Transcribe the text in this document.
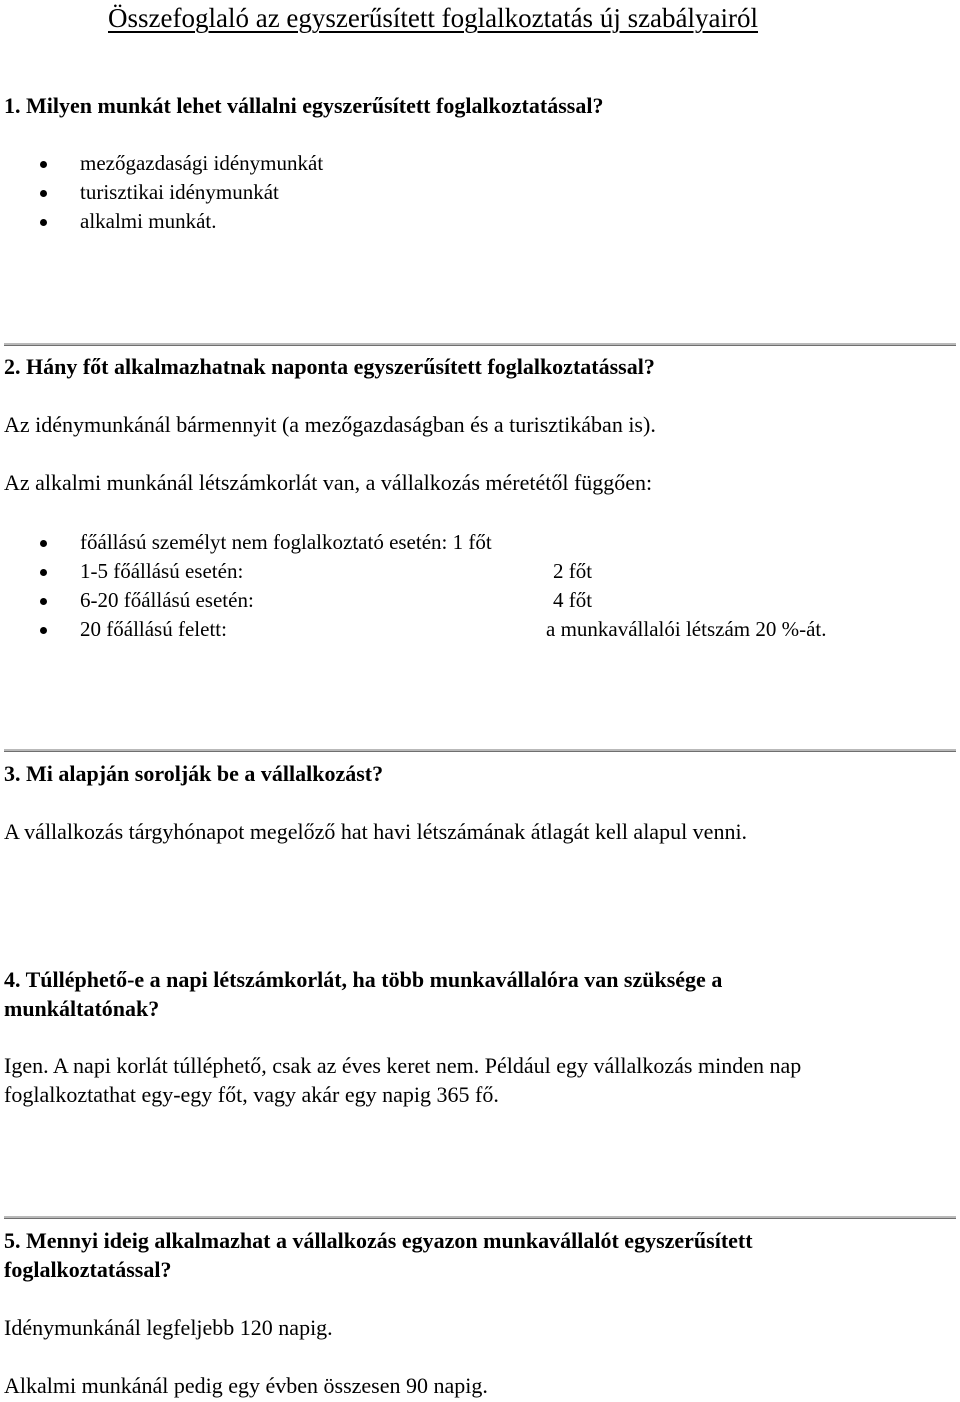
Összefoglaló az egyszerűsített foglalkoztatás új szabályairól
1. Milyen munkát lehet vállalni egyszerűsített foglalkoztatással?
mezőgazdasági idénymunkát
turisztikai idénymunkát
alkalmi munkát.
2. Hány főt alkalmazhatnak naponta egyszerűsített foglalkoztatással?
Az idénymunkánál bármennyit (a mezőgazdaságban és a turisztikában is).
Az alkalmi munkánál létszámkorlát van, a vállalkozás méretétől függően:
főállású személyt nem foglalkoztató esetén: 1 főt
1-5 főállású esetén:	2 főt
6-20 főállású esetén:	4 főt
20 főállású felett:	a munkavállalói létszám 20 %-át.
3. Mi alapján sorolják be a vállalkozást?
A vállalkozás tárgyhónapot megelőző hat havi létszámának átlagát kell alapul venni.
4. Túlléphető-e a napi létszámkorlát, ha több munkavállalóra van szüksége a
munkáltatónak?
Igen. A napi korlát túlléphető, csak az éves keret nem. Például egy vállalkozás minden nap
foglalkoztathat egy-egy főt, vagy akár egy napig 365 fő.
5. Mennyi ideig alkalmazhat a vállalkozás egyazon munkavállalót egyszerűsített
foglalkoztatással?
Idénymunkánál legfeljebb 120 napig.
Alkalmi munkánál pedig egy évben összesen 90 napig.
